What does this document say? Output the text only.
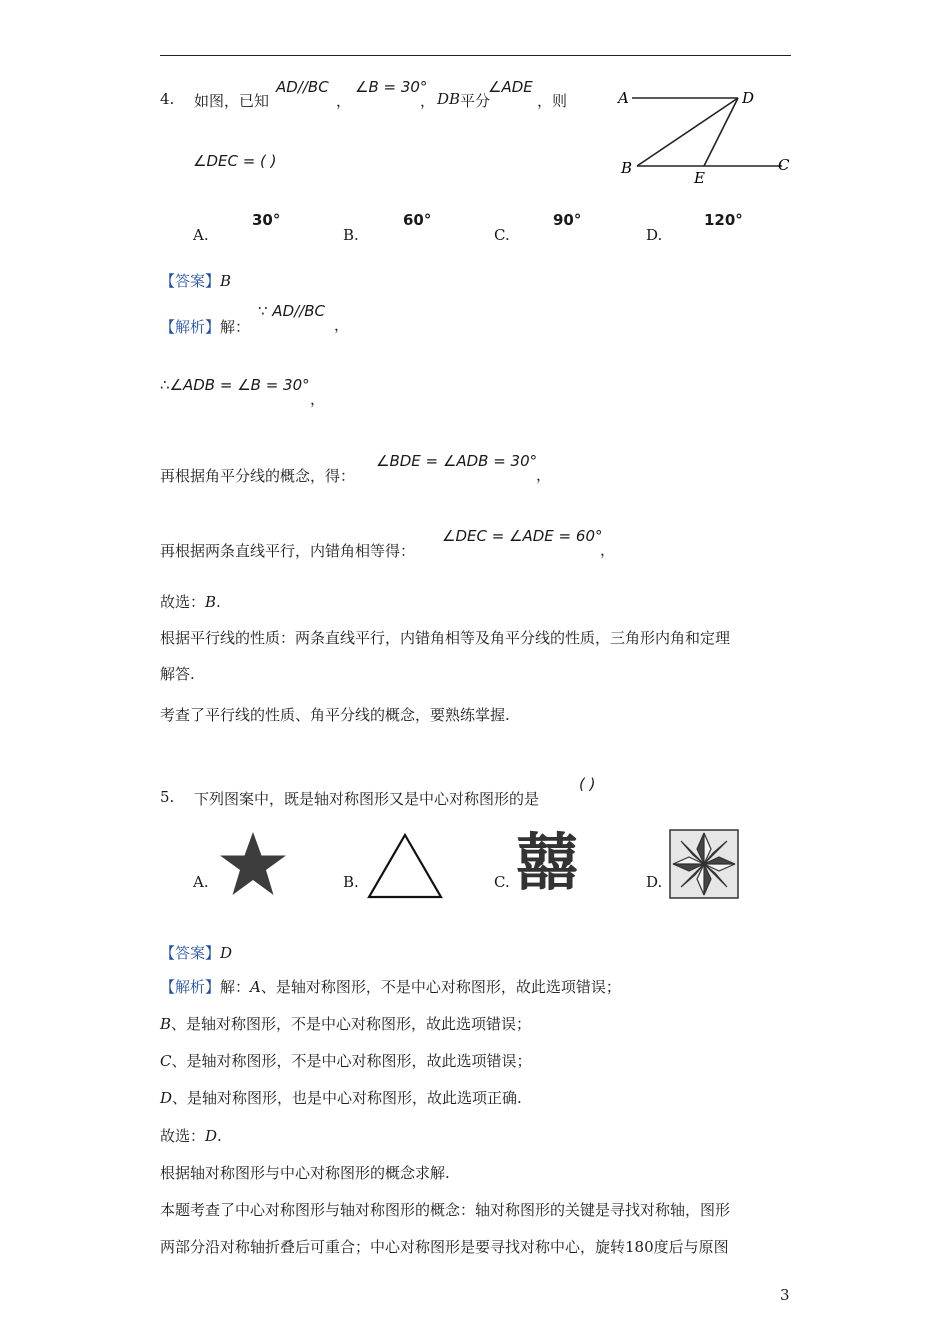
4. 如图，已知
AD//BC
，
∠B = 30°
， DB 平分
∠ADE
，则
∠DEC = ( )
A	D
B
E
C
A.
30°
B.
60°
C.
90°
D.
120°
【答案】B
【解析】解：
∵ AD//BC
，
∴∠ADB = ∠B = 30°
，
再根据角平分线的概念，得：
∠BDE = ∠ADB = 30°
，
再根据两条直线平行，内错角相等得：
∠DEC = ∠ADE = 60°
，
故选：B.
根据平行线的性质：两条直线平行，内错角相等及角平分线的性质，三角形内角和定理
解答.
考查了平行线的性质、角平分线的概念，要熟练掌握.
5. 下列图案中，既是轴对称图形又是中心对称图形的是
( )
A.	B.	C. 囍	D.
【答案】D
【解析】解：A、是轴对称图形，不是中心对称图形，故此选项错误；
B、是轴对称图形，不是中心对称图形，故此选项错误；
C、是轴对称图形，不是中心对称图形，故此选项错误；
D、是轴对称图形，也是中心对称图形，故此选项正确.
故选：D.
根据轴对称图形与中心对称图形的概念求解.
本题考查了中心对称图形与轴对称图形的概念：轴对称图形的关键是寻找对称轴，图形
两部分沿对称轴折叠后可重合；中心对称图形是要寻找对称中心，旋转180度后与原图
3
